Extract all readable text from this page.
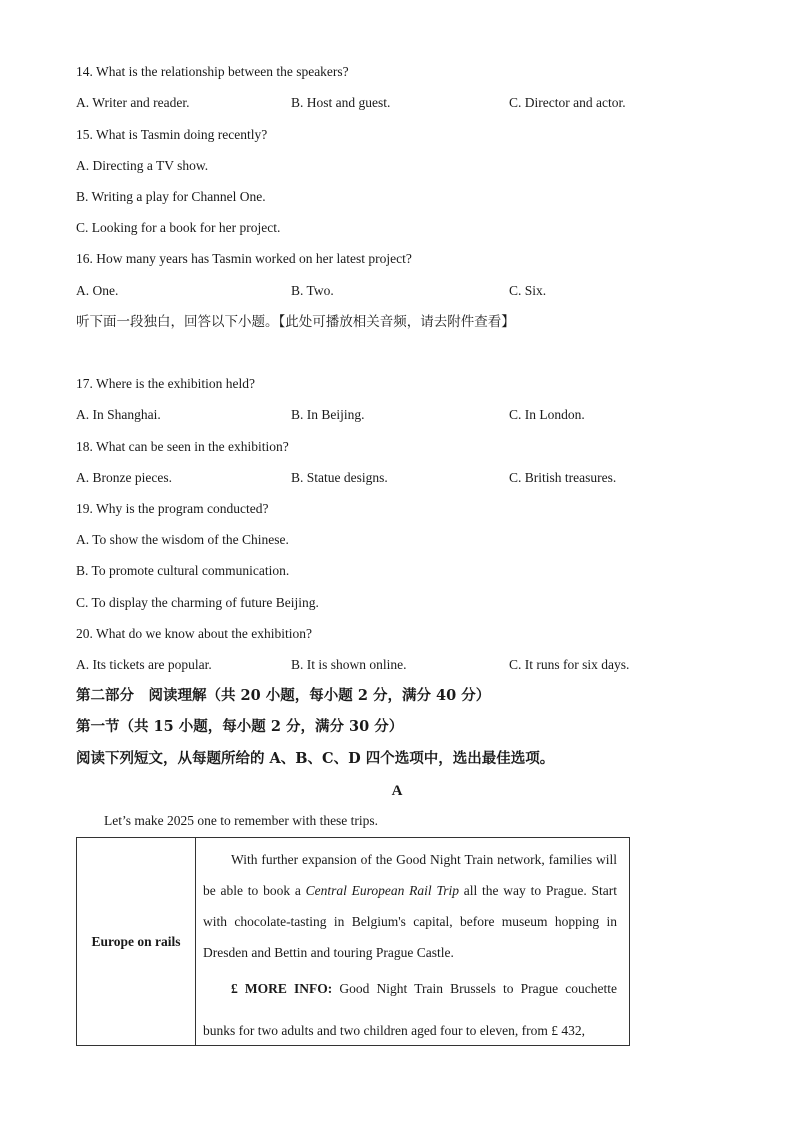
14. What is the relationship between the speakers?
A. Writer and reader.	B. Host and guest.	C. Director and actor.
15. What is Tasmin doing recently?
A. Directing a TV show.
B. Writing a play for Channel One.
C. Looking for a book for her project.
16. How many years has Tasmin worked on her latest project?
A. One.	B. Two.	C. Six.
听下面一段独白，回答以下小题。【此处可播放相关音频，请去附件查看】
17. Where is the exhibition held?
A. In Shanghai.	B. In Beijing.	C. In London.
18. What can be seen in the exhibition?
A. Bronze pieces.	B. Statue designs.	C. British treasures.
19. Why is the program conducted?
A. To show the wisdom of the Chinese.
B. To promote cultural communication.
C. To display the charming of future Beijing.
20. What do we know about the exhibition?
A. Its tickets are popular.	B. It is shown online.	C. It runs for six days.
第二部分　阅读理解（共 20 小题，每小题 2 分，满分 40 分）
第一节（共 15 小题，每小题 2 分，满分 30 分）
阅读下列短文，从每题所给的 A、B、C、D 四个选项中，选出最佳选项。
A
Let’s make 2025 one to remember with these trips.
Europe on rails	

With further expansion of the Good Night Train network, families will be able to book a Central European Rail Trip all the way to Prague. Start with chocolate-tasting in Belgium's capital, before museum hopping in Dresden and Bettin and touring Prague Castle.

£ MORE INFO: Good Night Train Brussels to Prague couchette bunks for two adults and two children aged four to eleven, from £ 432,
